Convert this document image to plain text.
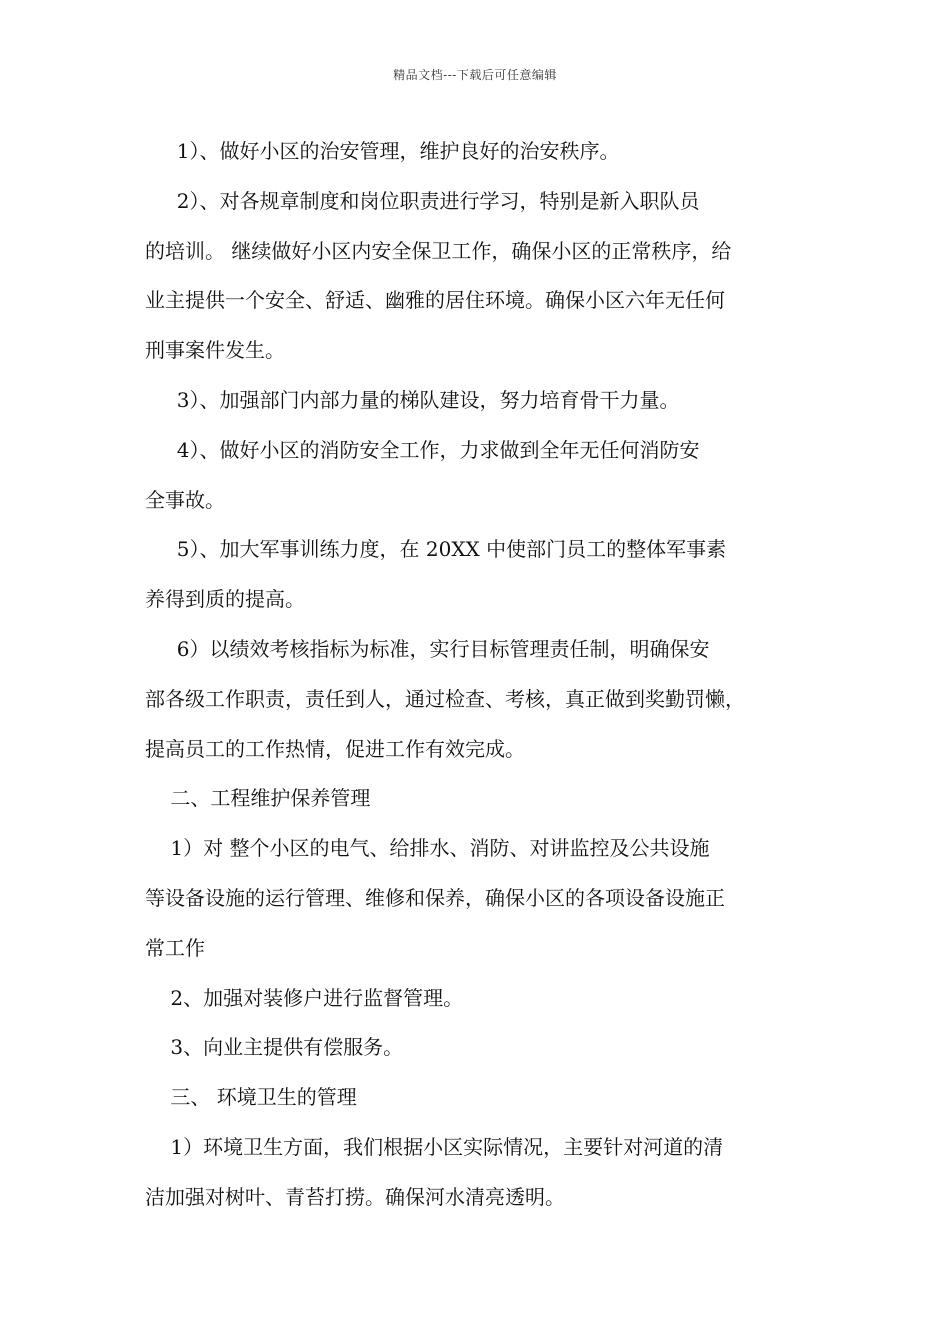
精品文档---下载后可任意编辑

1）、做好小区的治安管理，维护良好的治安秩序。

2）、对各规章制度和岗位职责进行学习，特别是新入职队员

的培训。 继续做好小区内安全保卫工作，确保小区的正常秩序，给

业主提供一个安全、舒适、幽雅的居住环境。确保小区六年无任何

刑事案件发生。

3）、加强部门内部力量的梯队建设，努力培育骨干力量。

4）、做好小区的消防安全工作，力求做到全年无任何消防安

全事故。

5）、加大军事训练力度，在 20XX 中使部门员工的整体军事素

养得到质的提高。

6）以绩效考核指标为标准，实行目标管理责任制，明确保安

部各级工作职责，责任到人，通过检查、考核，真正做到奖勤罚懒，

提高员工的工作热情，促进工作有效完成。

二、工程维护保养管理

1）对 整个小区的电气、给排水、消防、对讲监控及公共设施

等设备设施的运行管理、维修和保养，确保小区的各项设备设施正

常工作

2、加强对装修户进行监督管理。

3、向业主提供有偿服务。

三、 环境卫生的管理

1）环境卫生方面，我们根据小区实际情况，主要针对河道的清

洁加强对树叶、青苔打捞。确保河水清亮透明。
